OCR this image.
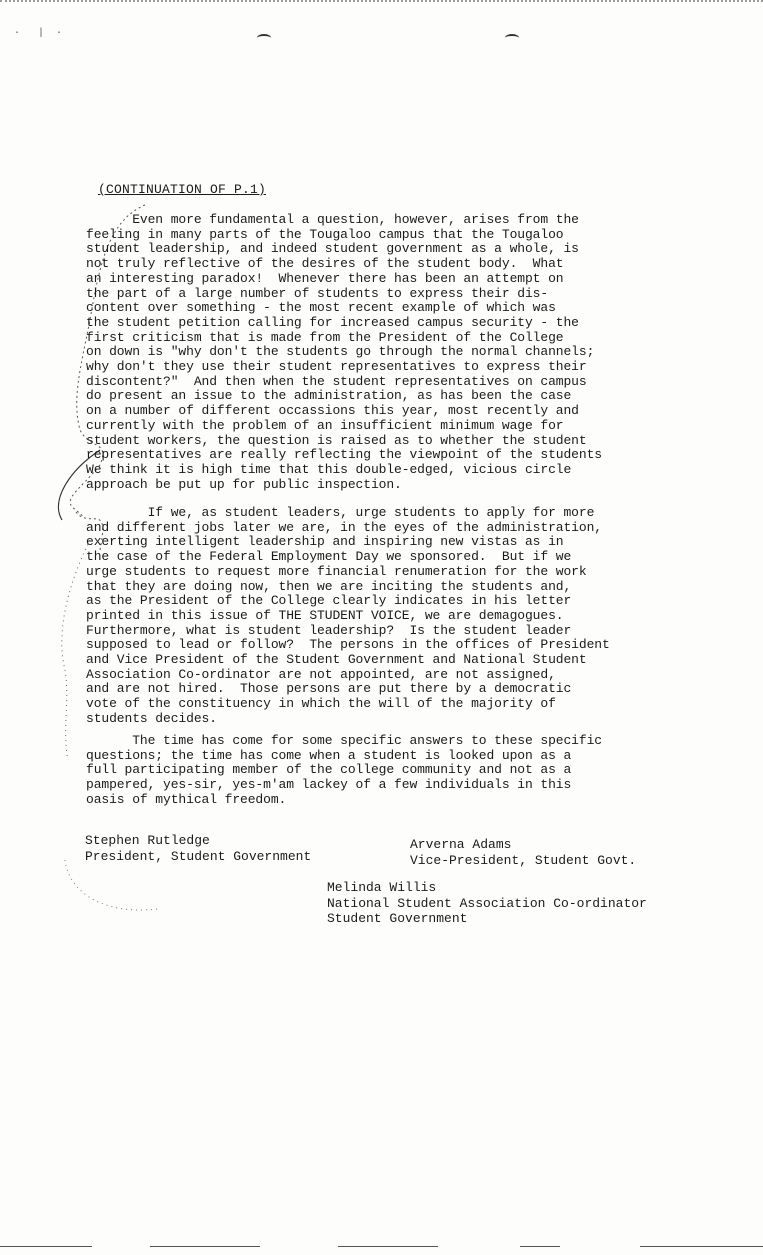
·   |  ·
(CONTINUATION OF P.1)
Even more fundamental a question, however, arises from the
feeling in many parts of the Tougaloo campus that the Tougaloo
student leadership, and indeed student government as a whole, is
not truly reflective of the desires of the student body.  What
an interesting paradox!  Whenever there has been an attempt on
the part of a large number of students to express their dis-
content over something - the most recent example of which was
the student petition calling for increased campus security - the
first criticism that is made from the President of the College
on down is "why don't the students go through the normal channels;
why don't they use their student representatives to express their
discontent?"  And then when the student representatives on campus
do present an issue to the administration, as has been the case
on a number of different occassions this year, most recently and
currently with the problem of an insufficient minimum wage for
student workers, the question is raised as to whether the student
representatives are really reflecting the viewpoint of the students
We think it is high time that this double-edged, vicious circle
approach be put up for public inspection.
If we, as student leaders, urge students to apply for more
and different jobs later we are, in the eyes of the administration,
exerting intelligent leadership and inspiring new vistas as in
the case of the Federal Employment Day we sponsored.  But if we
urge students to request more financial renumeration for the work
that they are doing now, then we are inciting the students and,
as the President of the College clearly indicates in his letter
printed in this issue of THE STUDENT VOICE, we are demagogues.
Furthermore, what is student leadership?  Is the student leader
supposed to lead or follow?  The persons in the offices of President
and Vice President of the Student Government and National Student
Association Co-ordinator are not appointed, are not assigned,
and are not hired.  Those persons are put there by a democratic
vote of the constituency in which the will of the majority of
students decides.
The time has come for some specific answers to these specific
questions; the time has come when a student is looked upon as a
full participating member of the college community and not as a
pampered, yes-sir, yes-m'am lackey of a few individuals in this
oasis of mythical freedom.
Stephen Rutledge
President, Student Government
Arverna Adams
Vice-President, Student Govt.
Melinda Willis
National Student Association Co-ordinator
Student Government
